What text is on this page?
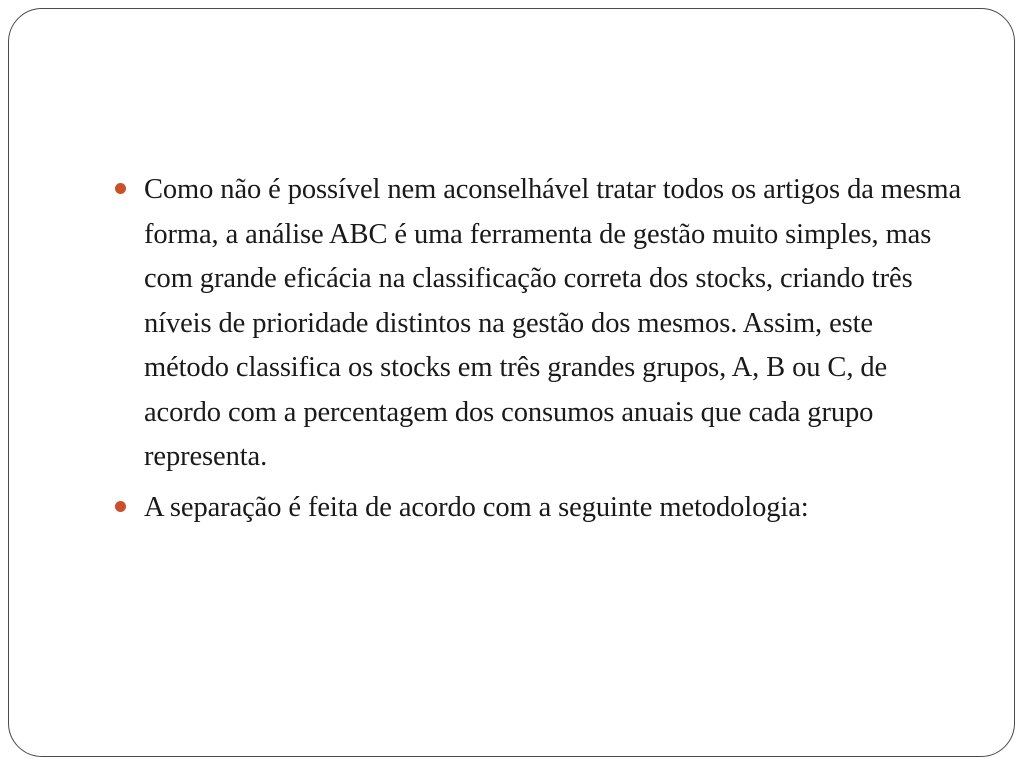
Como não é possível nem aconselhável tratar todos os artigos da mesma forma, a análise ABC é uma ferramenta de gestão muito simples, mas com grande eficácia na classificação correta dos stocks, criando três níveis de prioridade distintos na gestão dos mesmos. Assim, este método classifica os stocks em três grandes grupos, A, B ou C, de acordo com a percentagem dos consumos anuais que cada grupo representa.
A separação é feita de acordo com a seguinte metodologia:
